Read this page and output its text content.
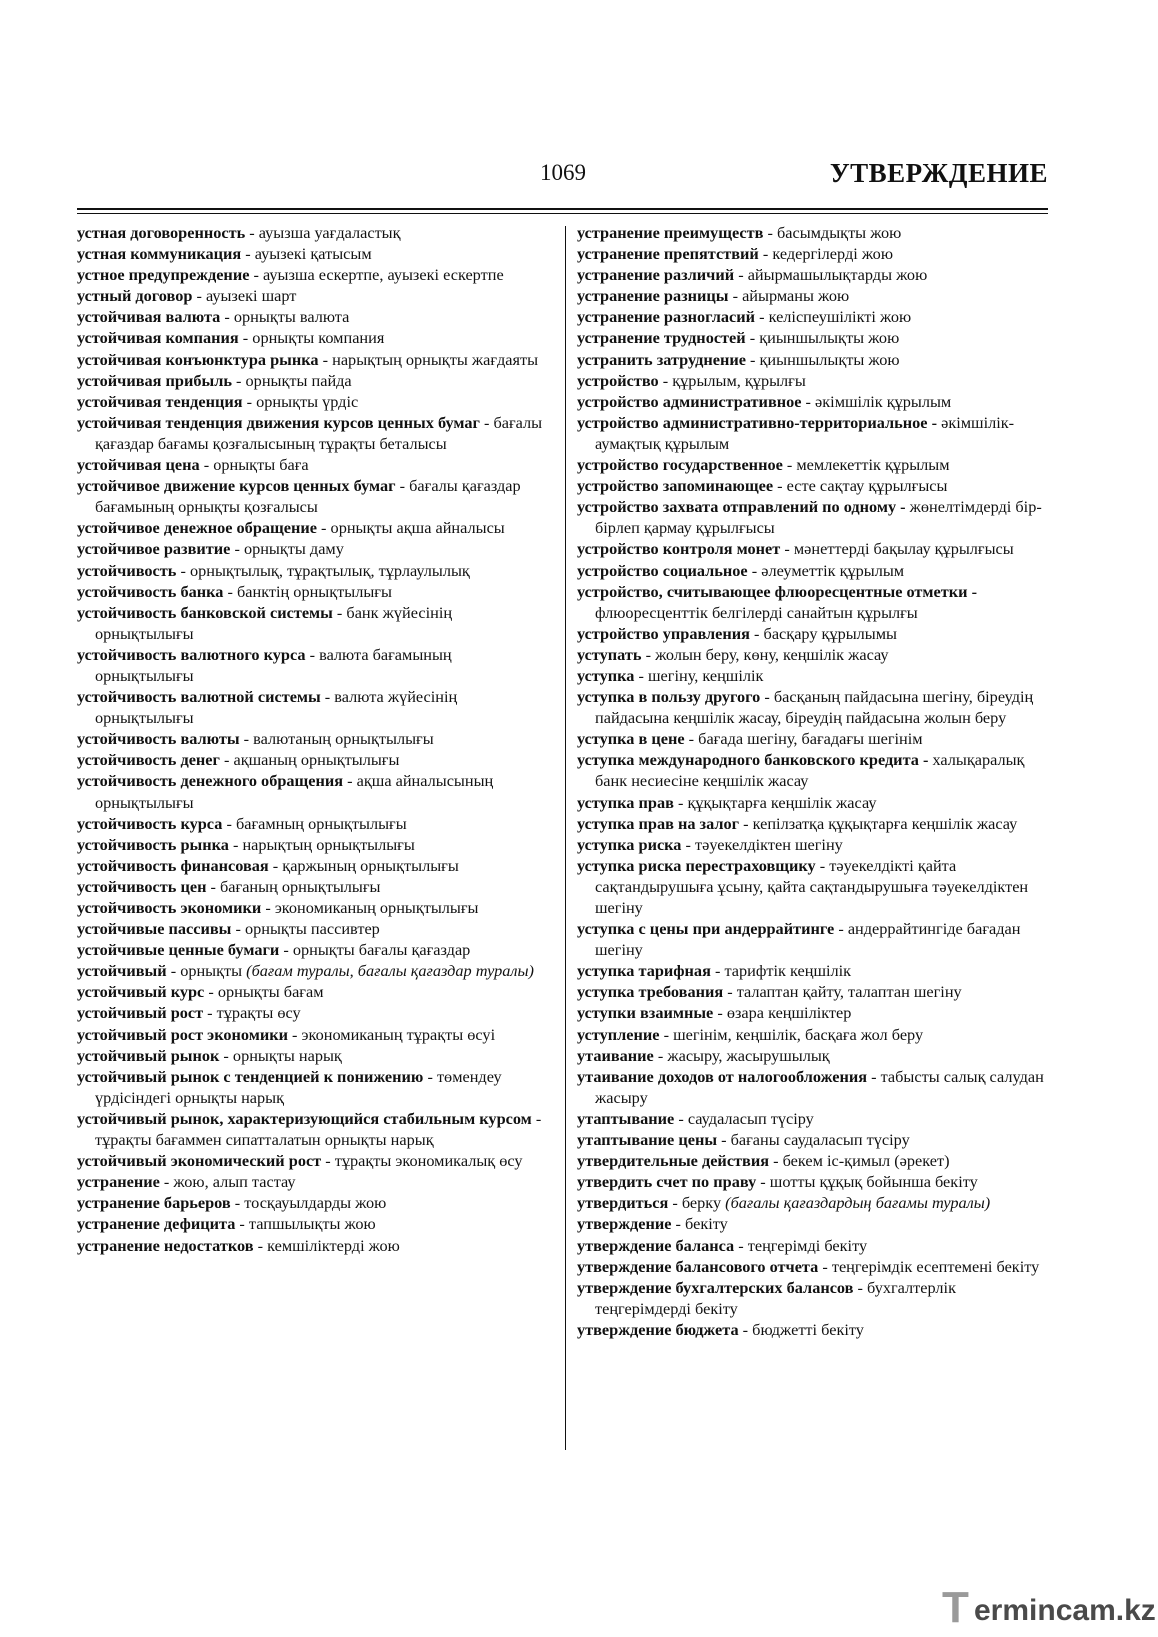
1069	УТВЕРЖДЕНИЕ

устная договоренность - ауызша уағдаластық

устная коммуникация - ауызекі қатысым

устное предупреждение - ауызша ескертпе, ауызекі ескертпе

устный договор - ауызекі шарт

устойчивая валюта - орнықты валюта

устойчивая компания - орнықты компания

устойчивая конъюнктура рынка - нарықтың орнықты жағдаяты

устойчивая прибыль - орнықты пайда

устойчивая тенденция - орнықты үрдіс

устойчивая тенденция движения курсов ценных бумаг - бағалы қағаздар бағамы қозғалысының тұрақты беталысы

устойчивая цена - орнықты баға

устойчивое движение курсов ценных бумаг - бағалы қағаздар бағамының орнықты қозғалысы

устойчивое денежное обращение - орнықты ақша айналысы

устойчивое развитие - орнықты даму

устойчивость - орнықтылық, тұрақтылық, тұрлаулылық

устойчивость банка - банктің орнықтылығы

устойчивость банковской системы - банк жүйесінің орнықтылығы

устойчивость валютного курса - валюта бағамының орнықтылығы

устойчивость валютной системы - валюта жүйесінің орнықтылығы

устойчивость валюты - валютаның орнықтылығы

устойчивость денег - ақшаның орнықтылығы

устойчивость денежного обращения - ақша айналысының орнықтылығы

устойчивость курса - бағамның орнықтылығы

устойчивость рынка - нарықтың орнықтылығы

устойчивость финансовая - қаржының орнықтылығы

устойчивость цен - бағаның орнықтылығы

устойчивость экономики - экономиканың орнықтылығы

устойчивые пассивы - орнықты пассивтер

устойчивые ценные бумаги - орнықты бағалы қағаздар

устойчивый - орнықты (бағам туралы, бағалы қағаздар туралы)

устойчивый курс - орнықты бағам

устойчивый рост - тұрақты өсу

устойчивый рост экономики - экономиканың тұрақты өсуі

устойчивый рынок - орнықты нарық

устойчивый рынок с тенденцией к понижению - төмендеу үрдісіндегі орнықты нарық

устойчивый рынок, характеризующийся стабильным курсом - тұрақты бағаммен сипатталатын орнықты нарық

устойчивый экономический рост - тұрақты экономикалық өсу

устранение - жою, алып тастау

устранение барьеров - тосқауылдарды жою

устранение дефицита - тапшылықты жою

устранение недостатков - кемшіліктерді жою

устранение преимуществ - басымдықты жою

устранение препятствий - кедергілерді жою

устранение различий - айырмашылықтарды жою

устранение разницы - айырманы жою

устранение разногласий - келіспеушілікті жою

устранение трудностей - қиыншылықты жою

устранить затруднение - қиыншылықты жою

устройство - құрылым, құрылғы

устройство административное - әкімшілік құрылым

устройство административно-территориальное - әкімшілік-аумақтық құрылым

устройство государственное - мемлекеттік құрылым

устройство запоминающее - есте сақтау құрылғысы

устройство захвата отправлений по одному - жөнелтімдерді бір-бірлеп қармау құрылғысы

устройство контроля монет - мәнеттерді бақылау құрылғысы

устройство социальное - әлеуметтік құрылым

устройство, считывающее флюоресцентные отметки - флюоресценттік белгілерді санайтын құрылғы

устройство управления - басқару құрылымы

уступать - жолын беру, көну, кеңшілік жасау

уступка - шегіну, кеңшілік

уступка в пользу другого - басқаның пайдасына шегіну, біреудің пайдасына кеңшілік жасау, біреудің пайдасына жолын беру

уступка в цене - бағада шегіну, бағадағы шегінім

уступка международного банковского кредита - халықаралық банк несиесіне кеңшілік жасау

уступка прав - құқықтарға кеңшілік жасау

уступка прав на залог - кепілзатқа құқықтарға кеңшілік жасау

уступка риска - тәуекелдіктен шегіну

уступка риска перестраховщику - тәуекелдікті қайта сақтандырушыға ұсыну, қайта сақтандырушыға тәуекелдіктен шегіну

уступка с цены при андеррайтинге - андеррайтингіде бағадан шегіну

уступка тарифная - тарифтік кеңшілік

уступка требования - талаптан қайту, талаптан шегіну

уступки взаимные - өзара кеңшіліктер

уступление - шегінім, кеңшілік, басқаға жол беру

утаивание - жасыру, жасырушылық

утаивание доходов от налогообложения - табысты салық салудан жасыру

утаптывание - саудаласып түсіру

утаптывание цены - бағаны саудаласып түсіру

утвердительные действия - бекем іс-қимыл (әрекет)

утвердить счет по праву - шотты құқық бойынша бекіту

утвердиться - берку (бағалы қағаздардың бағамы туралы)

утверждение - бекіту

утверждение баланса - теңгерімді бекіту

утверждение балансового отчета - теңгерімдік есептемені бекіту

утверждение бухгалтерских балансов - бухгалтерлік теңгерімдерді бекіту

утверждение бюджета - бюджетті бекіту

T ermincam.kz
